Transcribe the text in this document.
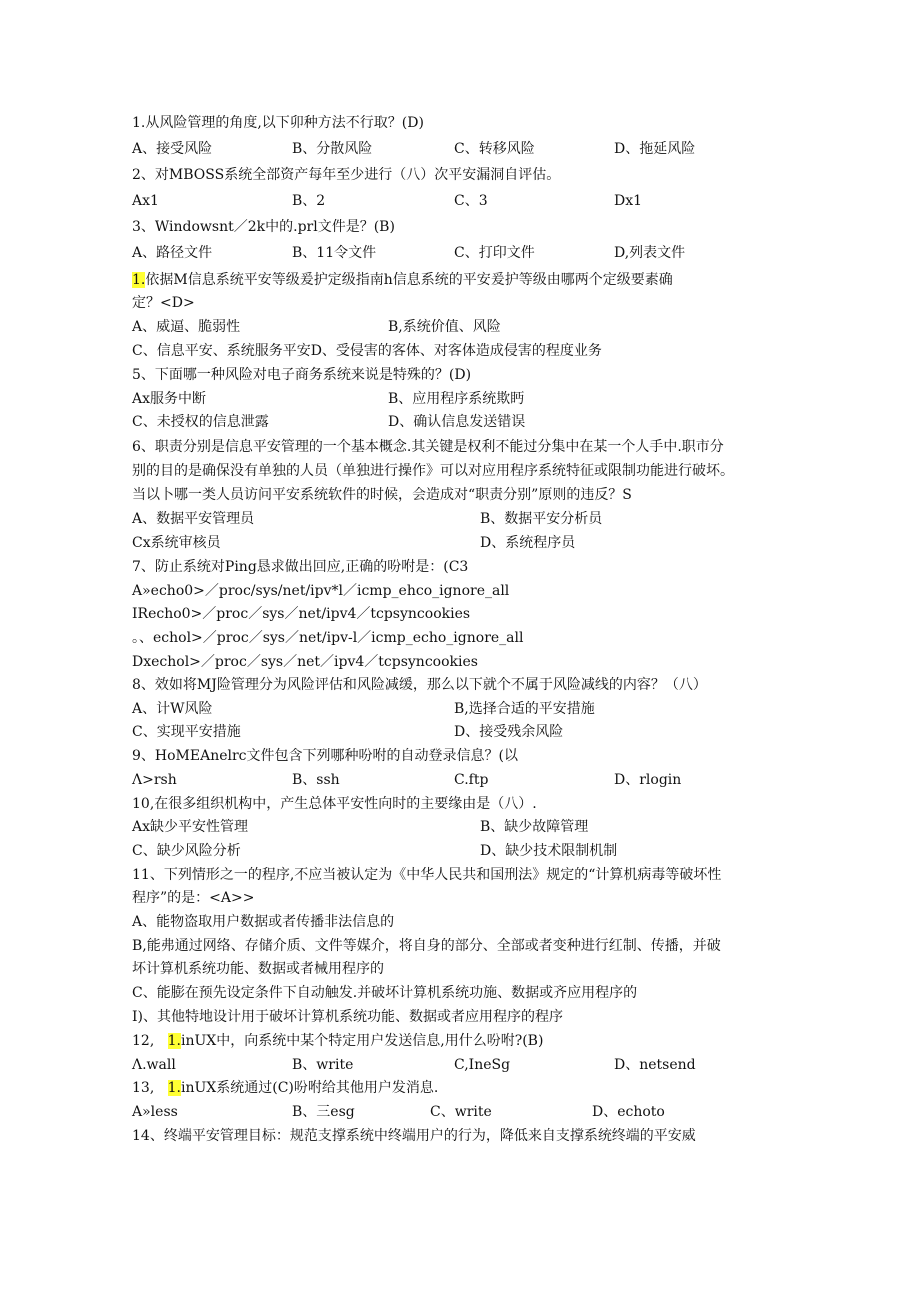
1.从风险管理的角度,以下卯种方法不行取？(D)
A、接受风险	B、分散风险	C、转移风险	D、拖延风险
2、对MBOSS系统全部资产每年至少进行（八）次平安漏洞自评估。
Ax1	B、2	C、3	Dx1
3、Windowsnt／2k中的.prl文件是？(B)
A、路径文件	B、11令文件	C、打印文件	D,列表文件
1.依据M信息系统平安等级爰护定级指南h信息系统的平安爰护等级由哪两个定级要素确
定？<D>
A、威逼、脆弱性	B,系统价值、风险
C、信息平安、系统服务平安D、受侵害的客体、对客体造成侵害的程度业务
5、下面哪一种风险对电子商务系统来说是特殊的？(D)
Ax服务中断	B、应用程序系统欺眄
C、未授权的信息泄露	D、确认信息发送错误
6、职责分别是信息平安管理的一个基本概念.其关键是权利不能过分集中在某一个人手中.职市分
别的目的是确保没有单独的人员（单独进行操作》可以对应用程序系统特征或限制功能进行破坏。
当以卜哪一类人员访问平安系统软件的时候，会造成对“职责分别”原则的违反？S
A、数据平安管理员	B、数据平安分析员
Cx系统审核员	D、系统程序员
7、防止系统对Ping恳求做出回应,正确的吩咐是：(C3
A»echo0>／proc/sys/net/ipv*l／icmp_ehco_ignore_all
IRecho0>／proc／sys／net/ipv4／tcpsyncookies
。、echol>／proc／sys／net/ipv-l／icmp_echo_ignore_all
Dxechol>／proc／sys／net／ipv4／tcpsyncookies
8、效如将MJ险管理分为风险评估和风险减缓，那么以下就个不属于风险减线的内容？（八）
A、计W风险	B,选择合适的平安措施
C、实现平安措施	D、接受残余风险
9、HoMEAnelrc文件包含下列哪种吩咐的自动登录信息？(以
Λ>rsh	B、ssh	C.ftp	D、rlogin
10,在很多组织机构中，产生总体平安性向时的主要缘由是（八）.
Ax缺少平安性管理	B、缺少故障管理
C、缺少风险分析	D、缺少技术限制机制
11、下列情形之一的程序,不应当被认定为《中华人民共和国刑法》规定的“计算机病毒等破坏性
程序”的是：<A>>
A、能物盗取用户数据或者传播非法信息的
B,能弗通过网络、存储介质、文件等媒介，将自身的部分、全部或者变种进行红制、传播，并破
坏计算机系统功能、数据或者械用程序的
C、能膨在预先设定条件下自动触发.并破坏计算机系统功施、数据或齐应用程序的
I)、其他特地设计用于破坏计算机系统功能、数据或者应用程序的程序
12, 1.inUX中，向系统中某个特定用户发送信息,用什么吩咐?(B)
Λ.wall	B、write	C,IneSg	D、netsend
13, 1.inUX系统通过(C)吩咐给其他用户发消息.
A»less	B、三esg	C、write	D、echoto
14、终端平安管理目标：规范支撑系统中终端用户的行为，降低来自支撑系统终端的平安威
